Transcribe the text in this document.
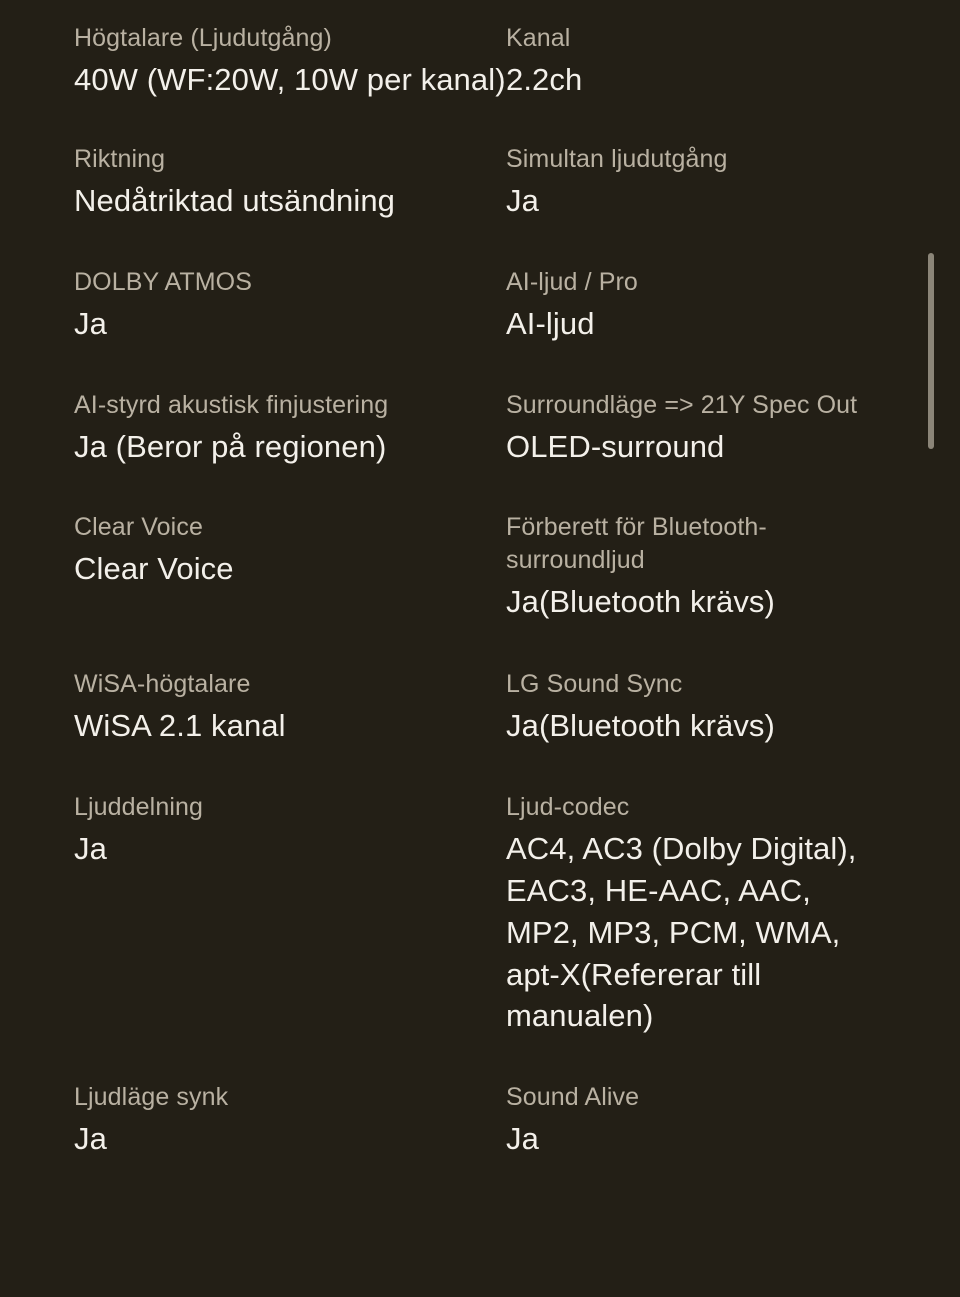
Högtalare (Ljudutgång)
40W (WF:20W, 10W per kanal)
Kanal
2.2ch
Riktning
Nedåtriktad utsändning
Simultan ljudutgång
Ja
DOLBY ATMOS
Ja
AI-ljud / Pro
AI-ljud
AI-styrd akustisk finjustering
Ja (Beror på regionen)
Surroundläge => 21Y Spec Out
OLED-surround
Clear Voice
Clear Voice
Förberett för Bluetooth-surroundljud
Ja(Bluetooth krävs)
WiSA-högtalare
WiSA 2.1 kanal
LG Sound Sync
Ja(Bluetooth krävs)
Ljuddelning
Ja
Ljud-codec
AC4, AC3 (Dolby Digital), EAC3, HE-AAC, AAC, MP2, MP3, PCM, WMA, apt-X(Refererar till manualen)
Ljudläge synk
Ja
Sound Alive
Ja
